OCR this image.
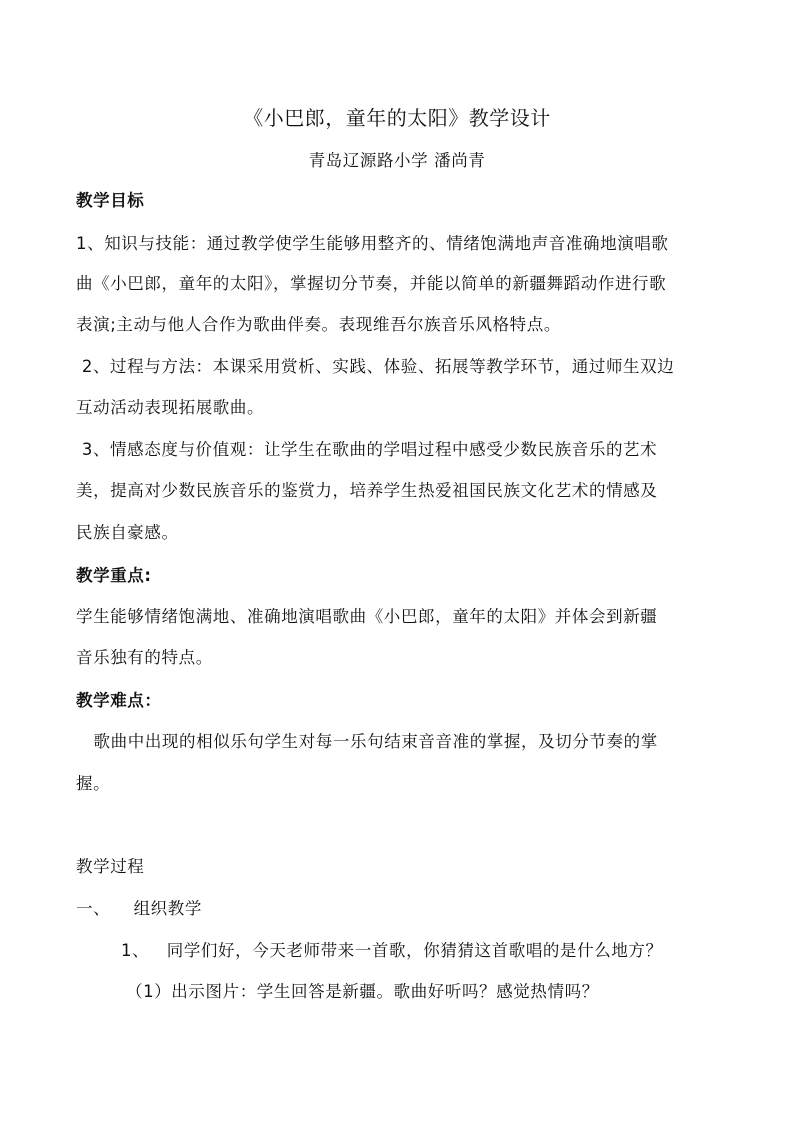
《小巴郎，童年的太阳》教学设计
青岛辽源路小学 潘尚青
教学目标
1、知识与技能：通过教学使学生能够用整齐的、情绪饱满地声音准确地演唱歌
曲《小巴郎，童年的太阳》，掌握切分节奏，并能以简单的新疆舞蹈动作进行歌
表演;主动与他人合作为歌曲伴奏。表现维吾尔族音乐风格特点。
2、过程与方法：本课采用赏析、实践、体验、拓展等教学环节，通过师生双边
互动活动表现拓展歌曲。
3、情感态度与价值观：让学生在歌曲的学唱过程中感受少数民族音乐的艺术
美，提高对少数民族音乐的鉴赏力，培养学生热爱祖国民族文化艺术的情感及
民族自豪感。
教学重点:
学生能够情绪饱满地、准确地演唱歌曲《小巴郎，童年的太阳》并体会到新疆
音乐独有的特点。
教学难点：
歌曲中出现的相似乐句学生对每一乐句结束音音准的掌握，及切分节奏的掌
握。
教学过程
一、    组织教学
1、   同学们好，今天老师带来一首歌，你猜猜这首歌唱的是什么地方？
（1）出示图片：学生回答是新疆。歌曲好听吗？感觉热情吗？
